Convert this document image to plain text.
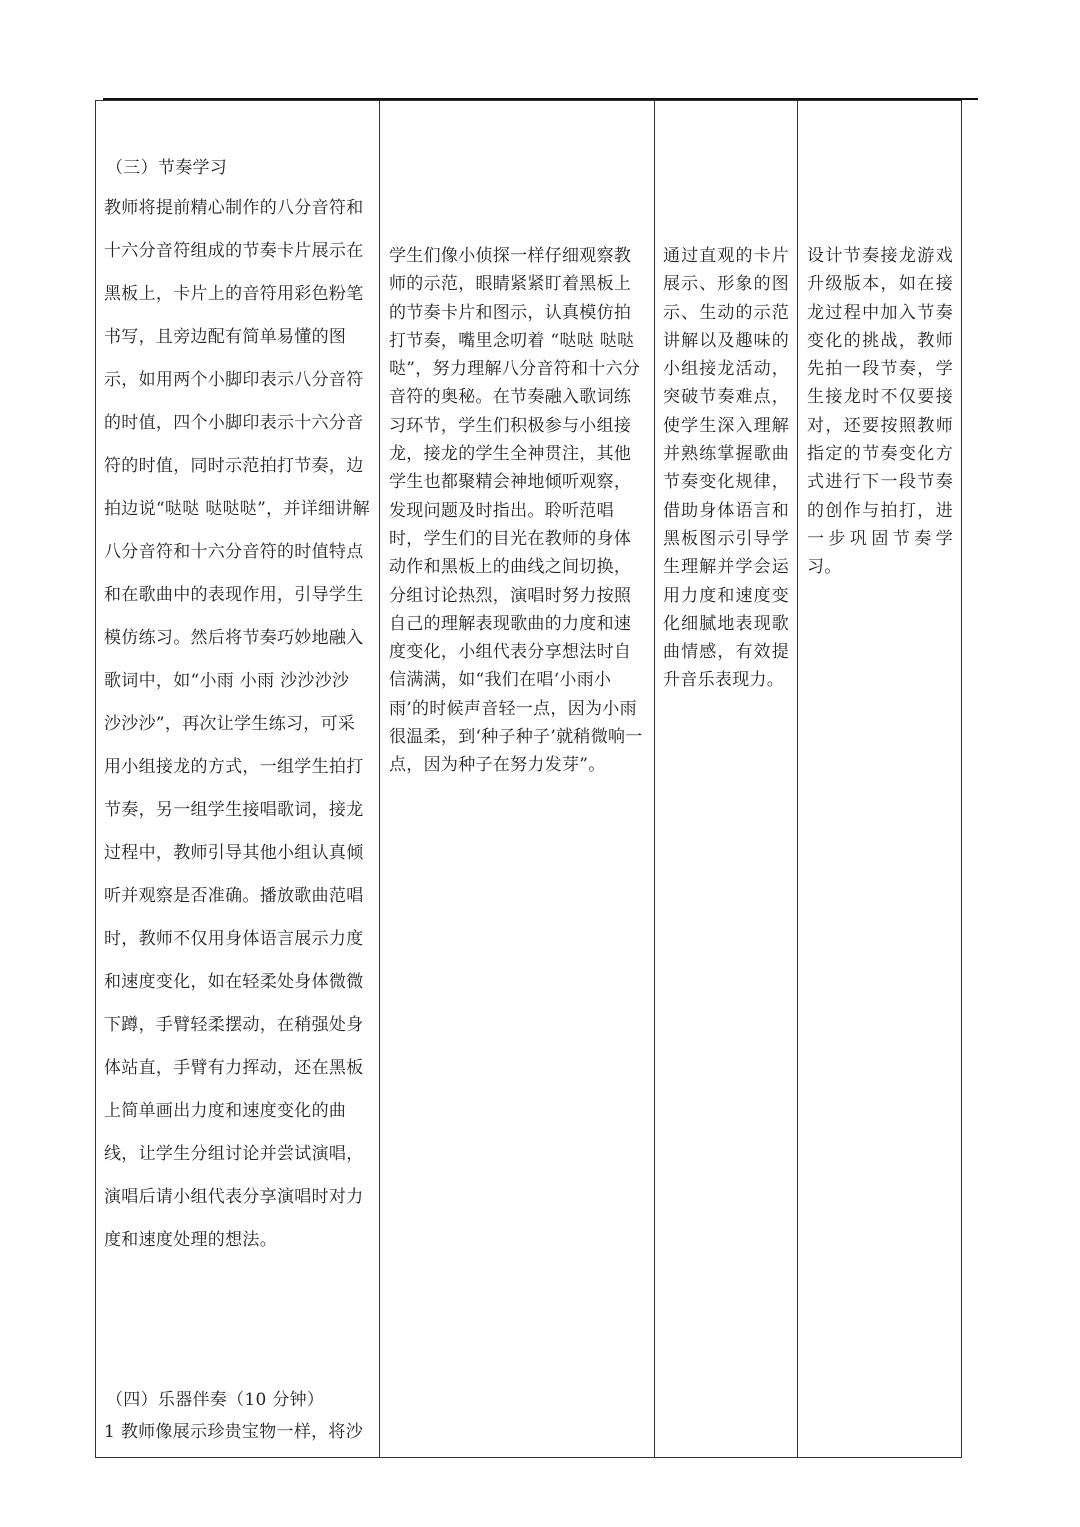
（三）节奏学习
教师将提前精心制作的八分音符和十六分音符组成的节奏卡片展示在黑板上，卡片上的音符用彩色粉笔书写，且旁边配有简单易懂的图示，如用两个小脚印表示八分音符的时值，四个小脚印表示十六分音符的时值，同时示范拍打节奏，边拍边说“哒哒 哒哒哒”，并详细讲解八分音符和十六分音符的时值特点和在歌曲中的表现作用，引导学生模仿练习。然后将节奏巧妙地融入歌词中，如“小雨 小雨 沙沙沙沙 沙沙沙”，再次让学生练习，可采用小组接龙的方式，一组学生拍打节奏，另一组学生接唱歌词，接龙过程中，教师引导其他小组认真倾听并观察是否准确。播放歌曲范唱时，教师不仅用身体语言展示力度和速度变化，如在轻柔处身体微微下蹲，手臂轻柔摆动，在稍强处身体站直，手臂有力挥动，还在黑板上简单画出力度和速度变化的曲线，让学生分组讨论并尝试演唱，演唱后请小组代表分享演唱时对力度和速度处理的想法。
（四）乐器伴奏（10 分钟）
1 教师像展示珍贵宝物一样，将沙

学生们像小侦探一样仔细观察教师的示范，眼睛紧紧盯着黑板上的节奏卡片和图示，认真模仿拍打节奏，嘴里念叨着 “哒哒 哒哒哒”，努力理解八分音符和十六分音符的奥秘。在节奏融入歌词练习环节，学生们积极参与小组接龙，接龙的学生全神贯注，其他学生也都聚精会神地倾听观察，发现问题及时指出。聆听范唱时，学生们的目光在教师的身体动作和黑板上的曲线之间切换，分组讨论热烈，演唱时努力按照自己的理解表现歌曲的力度和速度变化，小组代表分享想法时自信满满，如“我们在唱‘小雨小雨’的时候声音轻一点，因为小雨很温柔，到‘种子种子’就稍微响一点，因为种子在努力发芽”。

通过直观的卡片展示、形象的图示、生动的示范讲解以及趣味的小组接龙活动，突破节奏难点，使学生深入理解并熟练掌握歌曲节奏变化规律，借助身体语言和黑板图示引导学生理解并学会运用力度和速度变化细腻地表现歌曲情感，有效提升音乐表现力。

设计节奏接龙游戏升级版本，如在接龙过程中加入节奏变化的挑战，教师先拍一段节奏，学生接龙时不仅要接对，还要按照教师指定的节奏变化方式进行下一段节奏的创作与拍打，进一步巩固节奏学习。
